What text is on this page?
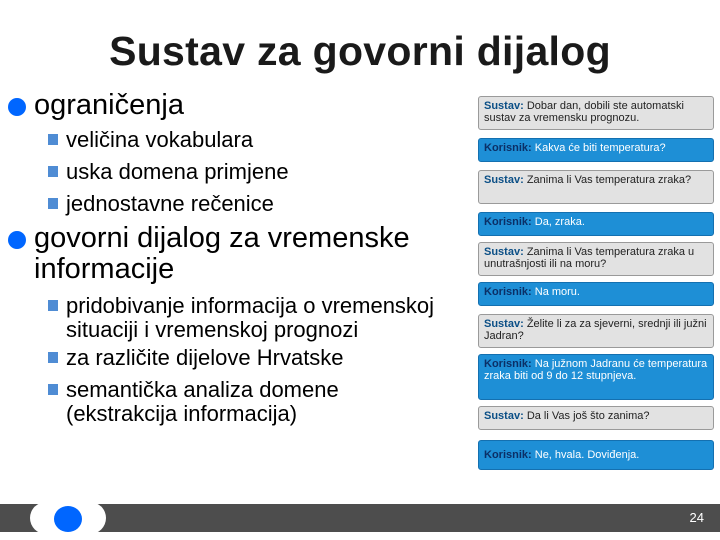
Sustav za govorni dijalog
ograničenja
veličina vokabulara
uska domena primjene
jednostavne rečenice
govorni dijalog za vremenske
informacije
pridobivanje informacija o vremenskoj
situaciji i vremenskoj prognozi
za različite dijelove Hrvatske
semantička analiza domene
(ekstrakcija informacija)
Sustav: Dobar dan, dobili ste automatski sustav za vremensku prognozu.
Korisnik: Kakva će biti temperatura?
Sustav: Zanima li Vas temperatura zraka?
Korisnik: Da, zraka.
Sustav: Zanima li Vas temperatura zraka u unutrašnjosti ili na moru?
Korisnik: Na moru.
Sustav: Želite li za za sjeverni, srednji ili južni Jadran?
Korisnik: Na južnom Jadranu će temperatura zraka biti od 9 do 12 stupnjeva.
Sustav: Da li Vas još što zanima?
Korisnik: Ne, hvala. Doviđenja.
24
